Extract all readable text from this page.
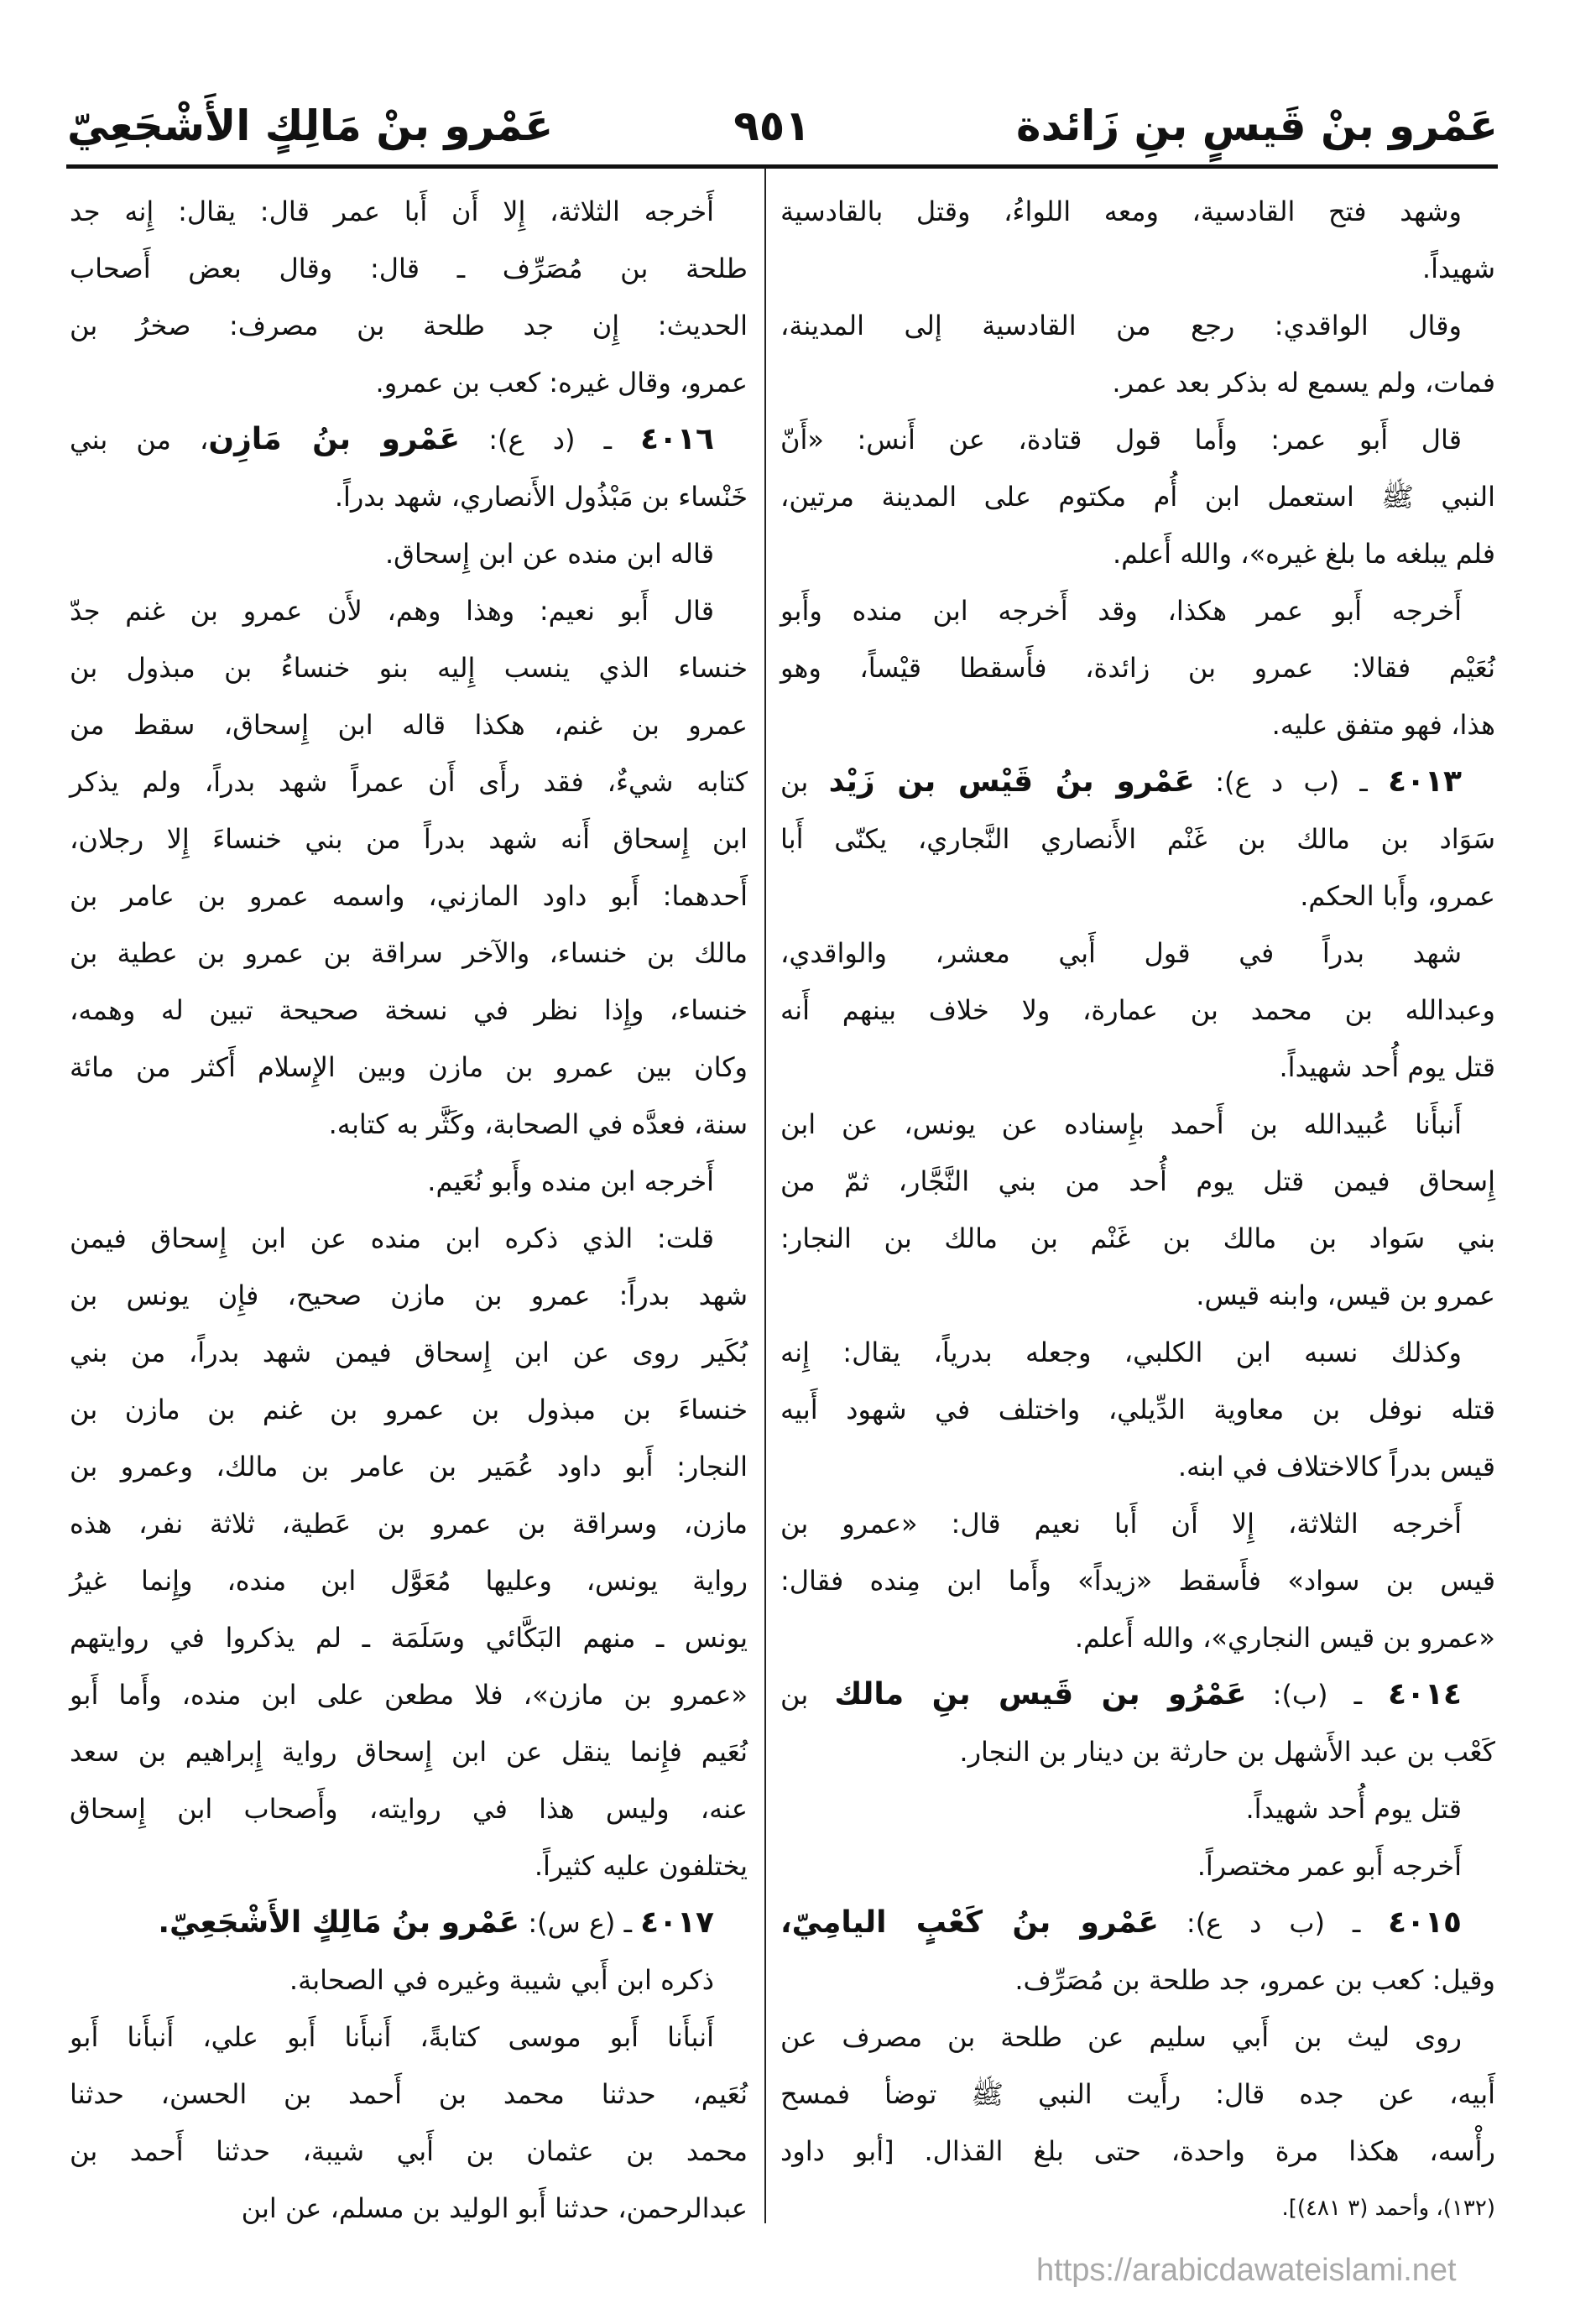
عَمْرو بنْ قَيسٍ بنِ زَائدة
٩٥١
عَمْرو بنْ مَالِكٍ الأَشْجَعِيّ
وشهد فتح القادسية، ومعه اللواءُ، وقتل بالقادسية
شهيداً.
وقال الواقدي: رجع من القادسية إلى المدينة،
فمات، ولم يسمع له بذكر بعد عمر.
قال أَبو عمر: وأَما قول قتادة، عن أَنس: «أَنّ
النبي ﷺ استعمل ابن أُم مكتوم على المدينة مرتين،
فلم يبلغه ما بلغ غيره»، والله أَعلم.
أَخرجه أَبو عمر هكذا، وقد أَخرجه ابن منده وأَبو
نُعَيْم فقالا: عمرو بن زائدة، فأَسقطا قيْساً، وهو
هذا، فهو متفق عليه.
٤٠١٣ ـ (ب د ع): عَمْرو بنُ قَيْس بن زَيْد بن
سَوَاد بن مالك بن غَنْم الأَنصاري النَّجاري، يكنّى أَبا
عمرو، وأَبا الحكم.
شهد بدراً في قول أَبي معشر، والواقدي،
وعبدالله بن محمد بن عمارة، ولا خلاف بينهم أَنه
قتل يوم أُحد شهيداً.
أَنبأَنا عُبيدالله بن أَحمد بإِسناده عن يونس، عن ابن
إِسحاق فيمن قتل يوم أُحد من بني النَّجَّار، ثمّ من
بني سَواد بن مالك بن غَنْم بن مالك بن النجار:
عمرو بن قيس، وابنه قيس.
وكذلك نسبه ابن الكلبي، وجعله بدرياً، يقال: إِنه
قتله نوفل بن معاوية الدِّيلي، واختلف في شهود أَبيه
قيس بدراً كالاختلاف في ابنه.
أَخرجه الثلاثة، إِلا أَن أَبا نعيم قال: «عمرو بن
قيس بن سواد» فأَسقط «زيداً» وأَما ابن مِنده فقال:
«عمرو بن قيس النجاري»، والله أَعلم.
٤٠١٤ ـ (ب): عَمْرُو بن قَيس بنِ مالك بن
كَعْب بن عبد الأَشهل بن حارثة بن دينار بن النجار.
قتل يوم أُحد شهيداً.
أَخرجه أَبو عمر مختصراً.
٤٠١٥ ـ (ب د ع): عَمْرو بنُ كَعْبٍ اليامِيّ،
وقيل: كعب بن عمرو، جد طلحة بن مُصَرِّف.
روى ليث بن أَبي سليم عن طلحة بن مصرف عن
أَبيه، عن جده قال: رأَيت النبي ﷺ توضأ فمسح
رأْسه، هكذا مرة واحدة، حتى بلغ القذال. [أبو داود
(١٣٢)، وأحمد (٣ ٤٨١)].
أَخرجه الثلاثة، إِلا أَن أَبا عمر قال: يقال: إِنه جد
طلحة بن مُصَرِّف ـ قال: وقال بعض أَصحاب
الحديث: إِن جد طلحة بن مصرف: صخرُ بن
عمرو، وقال غيره: كعب بن عمرو.
٤٠١٦ ـ (د ع): عَمْرو بنُ مَازِن، من بني
خَنْساء بن مَبْذُول الأَنصاري، شهد بدراً.
قاله ابن منده عن ابن إِسحاق.
قال أَبو نعيم: وهذا وهم، لأَن عمرو بن غنم جدّ
خنساء الذي ينسب إِليه بنو خنساءُ بن مبذول بن
عمرو بن غنم، هكذا قاله ابن إِسحاق، سقط من
كتابه شيءٌ، فقد رأَى أَن عمراً شهد بدراً، ولم يذكر
ابن إِسحاق أَنه شهد بدراً من بني خنساءَ إِلا رجلان،
أَحدهما: أَبو داود المازني، واسمه عمرو بن عامر بن
مالك بن خنساء، والآخر سراقة بن عمرو بن عطية بن
خنساء، وإِذا نظر في نسخة صحيحة تبين له وهمه،
وكان بين عمرو بن مازن وبين الإِسلام أَكثر من مائة
سنة، فعدَّه في الصحابة، وكَثَّر به كتابه.
أَخرجه ابن منده وأَبو نُعَيم.
قلت: الذي ذكره ابن منده عن ابن إِسحاق فيمن
شهد بدراً: عمرو بن مازن صحيح، فإِن يونس بن
بُكَير روى عن ابن إِسحاق فيمن شهد بدراً، من بني
خنساءَ بن مبذول بن عمرو بن غنم بن مازن بن
النجار: أَبو داود عُمَير بن عامر بن مالك، وعمرو بن
مازن، وسراقة بن عمرو بن عَطية، ثلاثة نفر، هذه
رواية يونس، وعليها مُعَوَّل ابن منده، وإِنما غيرُ
يونس ـ منهم البَكَّائي وسَلَمَة ـ لم يذكروا في روايتهم
«عمرو بن مازن»، فلا مطعن على ابن منده، وأَما أَبو
نُعَيم فإِنما ينقل عن ابن إِسحاق رواية إِبراهيم بن سعد
عنه، وليس هذا في روايته، وأَصحاب ابن إِسحاق
يختلفون عليه كثيراً.
٤٠١٧ ـ (ع س): عَمْرو بنُ مَالِكٍ الأَشْجَعِيّ.
ذكره ابن أَبي شيبة وغيره في الصحابة.
أَنبأَنا أَبو موسى كتابةً، أَنبأَنا أَبو علي، أَنبأَنا أَبو
نُعَيم، حدثنا محمد بن أَحمد بن الحسن، حدثنا
محمد بن عثمان بن أَبي شيبة، حدثنا أَحمد بن
عبدالرحمن، حدثنا أَبو الوليد بن مسلم، عن ابن
https://arabicdawateislami.net
